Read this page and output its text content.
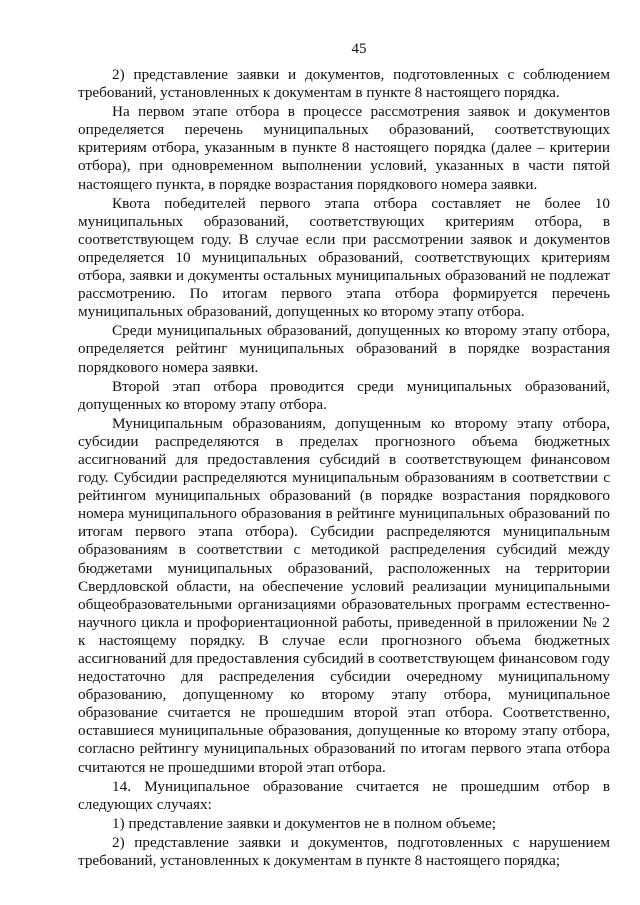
45

2) представление заявки и документов, подготовленных с соблюдением требований, установленных к документам в пункте 8 настоящего порядка.

На первом этапе отбора в процессе рассмотрения заявок и документов определяется перечень муниципальных образований, соответствующих критериям отбора, указанным в пункте 8 настоящего порядка (далее – критерии отбора), при одновременном выполнении условий, указанных в части пятой настоящего пункта, в порядке возрастания порядкового номера заявки.

Квота победителей первого этапа отбора составляет не более 10 муниципальных образований, соответствующих критериям отбора, в соответствующем году. В случае если при рассмотрении заявок и документов определяется 10 муниципальных образований, соответствующих критериям отбора, заявки и документы остальных муниципальных образований не подлежат рассмотрению. По итогам первого этапа отбора формируется перечень муниципальных образований, допущенных ко второму этапу отбора.

Среди муниципальных образований, допущенных ко второму этапу отбора, определяется рейтинг муниципальных образований в порядке возрастания порядкового номера заявки.

Второй этап отбора проводится среди муниципальных образований, допущенных ко второму этапу отбора.

Муниципальным образованиям, допущенным ко второму этапу отбора, субсидии распределяются в пределах прогнозного объема бюджетных ассигнований для предоставления субсидий в соответствующем финансовом году. Субсидии распределяются муниципальным образованиям в соответствии с рейтингом муниципальных образований (в порядке возрастания порядкового номера муниципального образования в рейтинге муниципальных образований по итогам первого этапа отбора). Субсидии распределяются муниципальным образованиям в соответствии с методикой распределения субсидий между бюджетами муниципальных образований, расположенных на территории Свердловской области, на обеспечение условий реализации муниципальными общеобразовательными организациями образовательных программ естественно-научного цикла и профориентационной работы, приведенной в приложении № 2 к настоящему порядку. В случае если прогнозного объема бюджетных ассигнований для предоставления субсидий в соответствующем финансовом году недостаточно для распределения субсидии очередному муниципальному образованию, допущенному ко второму этапу отбора, муниципальное образование считается не прошедшим второй этап отбора. Соответственно, оставшиеся муниципальные образования, допущенные ко второму этапу отбора, согласно рейтингу муниципальных образований по итогам первого этапа отбора считаются не прошедшими второй этап отбора.

14. Муниципальное образование считается не прошедшим отбор в следующих случаях:

1) представление заявки и документов не в полном объеме;

2) представление заявки и документов, подготовленных с нарушением требований, установленных к документам в пункте 8 настоящего порядка;
